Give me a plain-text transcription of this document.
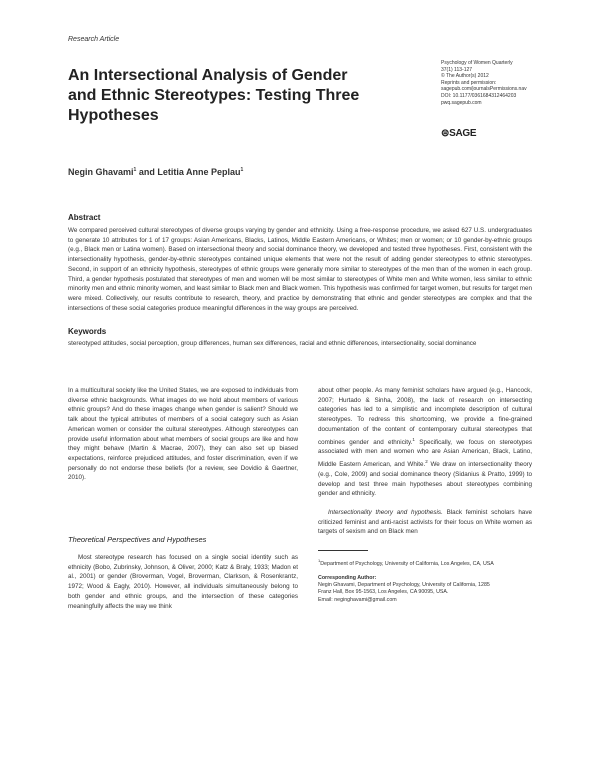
Research Article
An Intersectional Analysis of Gender and Ethnic Stereotypes: Testing Three Hypotheses
Psychology of Women Quarterly
37(1) 113-127
© The Author(s) 2012
Reprints and permission:
sagepub.com/journalsPermissions.nav
DOI: 10.1177/0361684312464203
pwq.sagepub.com
⊜SAGE
Negin Ghavami$^1$ and Letitia Anne Peplau$^1$
Abstract
We compared perceived cultural stereotypes of diverse groups varying by gender and ethnicity. Using a free-response procedure, we asked 627 U.S. undergraduates to generate 10 attributes for 1 of 17 groups: Asian Americans, Blacks, Latinos, Middle Eastern Americans, or Whites; men or women; or 10 gender-by-ethnic groups (e.g., Black men or Latina women). Based on intersectional theory and social dominance theory, we developed and tested three hypotheses. First, consistent with the intersectionality hypothesis, gender-by-ethnic stereotypes contained unique elements that were not the result of adding gender stereotypes to ethnic stereotypes. Second, in support of an ethnicity hypothesis, stereotypes of ethnic groups were generally more similar to stereotypes of the men than of the women in each group. Third, a gender hypothesis postulated that stereotypes of men and women will be most similar to stereotypes of White men and White women, less similar to ethnic minority men and ethnic minority women, and least similar to Black men and Black women. This hypothesis was confirmed for target women, but results for target men were mixed. Collectively, our results contribute to research, theory, and practice by demonstrating that ethnic and gender stereotypes are complex and that the intersections of these social categories produce meaningful differences in the way groups are perceived.
Keywords
stereotyped attitudes, social perception, group differences, human sex differences, racial and ethnic differences, intersectionality, social dominance
In a multicultural society like the United States, we are exposed to individuals from diverse ethnic backgrounds. What images do we hold about members of various ethnic groups? And do these images change when gender is salient? Should we talk about the typical attributes of members of a social category such as Asian American women or consider the cultural stereotypes. Although stereotypes can provide useful information about what members of social groups are like and how they might behave (Martin & Macrae, 2007), they can also set up biased expectations, reinforce prejudiced attitudes, and foster discrimination, even if we personally do not endorse these beliefs (for a review, see Dovidio & Gaertner, 2010).
Theoretical Perspectives and Hypotheses
Most stereotype research has focused on a single social identity such as ethnicity (Bobo, Zubrinsky, Johnson, & Oliver, 2000; Katz & Braly, 1933; Madon et al., 2001) or gender (Broverman, Vogel, Broverman, Clarkson, & Rosenkrantz, 1972; Wood & Eagly, 2010). However, all individuals simultaneously belong to both gender and ethnic groups, and the intersection of these categories meaningfully affects the way we think
about other people. As many feminist scholars have argued (e.g., Hancock, 2007; Hurtado & Sinha, 2008), the lack of research on intersecting categories has led to a simplistic and incomplete description of cultural stereotypes. To redress this shortcoming, we provide a fine-grained documentation of the content of contemporary cultural stereotypes that combines gender and ethnicity.$^1$ Specifically, we focus on stereotypes associated with men and women who are Asian American, Black, Latino, Middle Eastern American, and White.$^2$ We draw on intersectionality theory (e.g., Cole, 2009) and social dominance theory (Sidanius & Pratto, 1999) to develop and test three main hypotheses about stereotypes combining gender and ethnicity.
Intersectionality theory and hypothesis. Black feminist scholars have criticized feminist and anti-racist activists for their focus on White women as targets of sexism and on Black men
$^1$Department of Psychology, University of California, Los Angeles, CA, USA
Corresponding Author:
Negin Ghavami, Department of Psychology, University of California, 1285
Franz Hall, Box 95-1563, Los Angeles, CA 90095, USA.
Email: neginghavami@gmail.com
